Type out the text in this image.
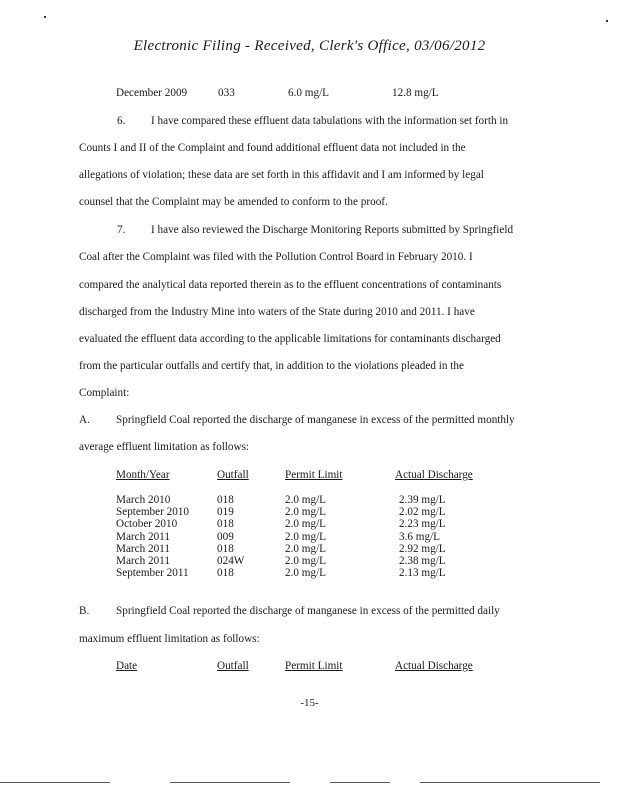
Electronic Filing - Received, Clerk's Office, 03/06/2012
December 2009	033	6.0 mg/L	12.8 mg/L
6. I have compared these effluent data tabulations with the information set forth in
Counts I and II of the Complaint and found additional effluent data not included in the
allegations of violation; these data are set forth in this affidavit and I am informed by legal
counsel that the Complaint may be amended to conform to the proof.
7. I have also reviewed the Discharge Monitoring Reports submitted by Springfield
Coal after the Complaint was filed with the Pollution Control Board in February 2010. I
compared the analytical data reported therein as to the effluent concentrations of contaminants
discharged from the Industry Mine into waters of the State during 2010 and 2011. I have
evaluated the effluent data according to the applicable limitations for contaminants discharged
from the particular outfalls and certify that, in addition to the violations pleaded in the
Complaint:
A. Springfield Coal reported the discharge of manganese in excess of the permitted monthly
average effluent limitation as follows:
Month/Year	Outfall	Permit Limit	Actual Discharge
March 2010	018	2.0 mg/L	2.39 mg/L
September 2010 019	2.0 mg/L	2.02 mg/L
October 2010	018	2.0 mg/L	2.23 mg/L
March 2011	009	2.0 mg/L	3.6 mg/L
March 2011	018	2.0 mg/L	2.92 mg/L
March 2011	024W	2.0 mg/L	2.38 mg/L
September 2011	018	2.0 mg/L	2.13 mg/L
B. Springfield Coal reported the discharge of manganese in excess of the permitted daily
maximum effluent limitation as follows:
Date	Outfall	Permit Limit	Actual Discharge
-15-
